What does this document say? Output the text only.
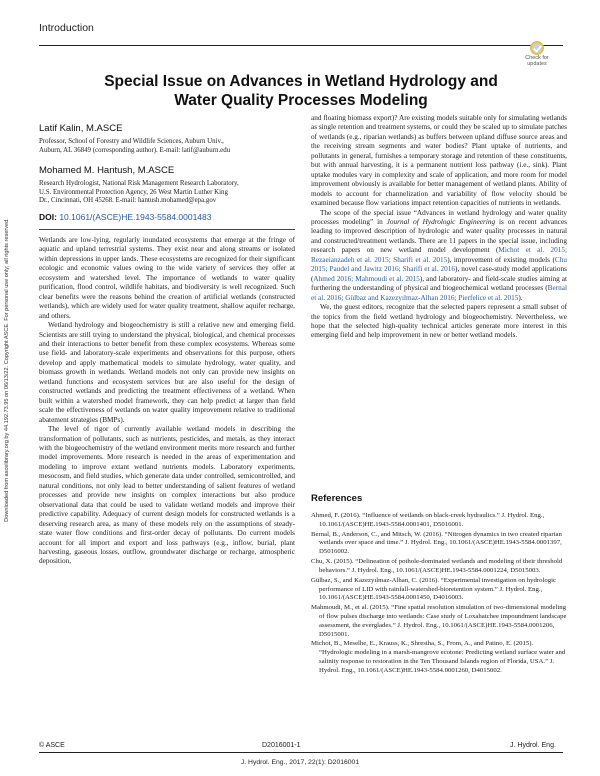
Introduction
Check for
updates
Special Issue on Advances in Wetland Hydrology and
Water Quality Processes Modeling
Downloaded from ascelibrary.org by 44.192.73.95 on 06/13/22. Copyright ASCE. For personal use only; all rights reserved.
Latif Kalin, M.ASCE
Professor, School of Forestry and Wildlife Sciences, Auburn Univ.,
Auburn, AL 36849 (corresponding author). E-mail: latif@auburn.edu
Mohamed M. Hantush, M.ASCE
Research Hydrologist, National Risk Management Research Laboratory,
U.S. Environmental Protection Agency, 26 West Martin Luther King
Dr., Cincinnati, OH 45268. E-mail: hantush.mohamed@epa.gov
DOI: 10.1061/(ASCE)HE.1943-5584.0001483

Wetlands are low-lying, regularly inundated ecosystems that emerge at the fringe of aquatic and upland terrestrial systems. They exist near and along streams or isolated within depressions in upper lands. These ecosystems are recognized for their significant ecologic and economic values owing to the wide variety of services they offer at ecosystem and watershed level. The importance of wetlands to water quality purification, flood control, wildlife habitats, and biodiversity is well recognized. Such clear benefits were the reasons behind the creation of artificial wetlands (constructed wetlands), which are widely used for water quality treatment, shallow aquifer recharge, and others.

Wetland hydrology and biogeochemistry is still a relative new and emerging field. Scientists are still trying to understand the physical, biological, and chemical processes and their interactions to better benefit from these complex ecosystems. Whereas some use field- and laboratory-scale experiments and observations for this purpose, others develop and apply mathematical models to simulate hydrology, water quality, and biomass growth in wetlands. Wetland models not only can provide new insights on wetland functions and ecosystem services but are also useful for the design of constructed wetlands and predicting the treatment effectiveness of a wetland. When built within a watershed model framework, they can help predict at larger than field scale the effectiveness of wetlands on water quality improvement relative to traditional abatement strategies (BMPs).

The level of rigor of currently available wetland models in describing the transformation of pollutants, such as nutrients, pesticides, and metals, as they interact with the biogeochemistry of the wetland environment merits more research and further model improvements. More research is needed in the areas of experimentation and modeling to improve extant wetland nutrients models. Laboratory experiments, mesocosm, and field studies, which generate data under controlled, semicontrolled, and natural conditions, not only lead to better understanding of salient features of wetland processes and provide new insights on complex interactions but also produce observational data that could be used to validate wetland models and improve their predictive capability. Adequacy of current design models for constructed wetlands is a deserving research area, as many of these models rely on the assumptions of steady-state water flow conditions and first-order decay of pollutants. Do current models account for all import and export and loss pathways (e.g., inflow, burial, plant harvesting, gaseous losses, outflow, groundwater discharge or recharge, atmospheric deposition,

and floating biomass export)? Are existing models suitable only for simulating wetlands as single retention and treatment systems, or could they be scaled up to simulate patches of wetlands (e.g., riparian wetlands) as buffers between upland diffuse source areas and the receiving stream segments and water bodies? Plant uptake of nutrients, and pollutants in general, furnishes a temporary storage and retention of these constituents, but with annual harvesting, it is a permanent nutrient loss pathway (i.e., sink). Plant uptake modules vary in complexity and scale of application, and more room for model improvement obviously is available for better management of wetland plants. Ability of models to account for channelization and variability of flow velocity should be examined because flow variations impact retention capacities of nutrients in wetlands.

The scope of the special issue “Advances in wetland hydrology and water quality processes modeling” in Journal of Hydrologic Engineering is on recent advances leading to improved description of hydrologic and water quality processes in natural and constructed/treatment wetlands. There are 11 papers in the special issue, including research papers on new wetland model development (Michot et al. 2015; Rezaeianzadeh et al. 2015; Sharifi et al. 2015), improvement of existing models (Chu 2015; Paudel and Jawitz 2016; Sharifi et al. 2016), novel case-study model applications (Ahmed 2016; Mahmoudi et al. 2015), and laboratory- and field-scale studies aiming at furthering the understanding of physical and biogeochemical wetland processes (Bernal et al. 2016; Gülbaz and Kazezyılmaz-Alhan 2016; Pierfelice et al. 2015).

We, the guest editors, recognize that the selected papers represent a small subset of the topics from the field wetland hydrology and biogeochemistry. Nevertheless, we hope that the selected high-quality technical articles generate more interest in this emerging field and help improvement in new or better wetland models.

References
Ahmed, F. (2016). “Influence of wetlands on black-creek hydraulics.” J. Hydrol. Eng., 10.1061/(ASCE)HE.1943-5584.0001401, D5016001.
Bernal, B., Anderson, C., and Mitsch, W. (2016). “Nitrogen dynamics in two created riparian wetlands over space and time.” J. Hydrol. Eng., 10.1061/(ASCE)HE.1943-5584.0001397, D5016002.
Chu, X. (2015). “Delineation of pothole-dominated wetlands and modeling of their threshold behaviors.” J. Hydrol. Eng., 10.1061/(ASCE)HE.1943-5584.0001224, D5015003.
Gülbaz, S., and Kazezyılmaz-Alhan, C. (2016). “Experimental investigation on hydrologic performance of LID with rainfall-watershed-bioretention system.” J. Hydrol. Eng., 10.1061/(ASCE)HE.1943-5584.0001450, D4016003.
Mahmoudi, M., et al. (2015). “Fine spatial resolution simulation of two-dimensional modeling of flow pulses discharge into wetlands: Case study of Loxahatchee impoundment landscape assessment, the everglades.” J. Hydrol. Eng., 10.1061/(ASCE)HE.1943-5584.0001206, D5015001.
Michot, B., Meselhe, E., Krauss, K., Shrestha, S., From, A., and Patino, E. (2015). “Hydrologic modeling in a marsh-mangrove ecotone: Predicting wetland surface water and salinity response to restoration in the Ten Thousand Islands region of Florida, USA.” J. Hydrol. Eng., 10.1061/(ASCE)HE.1943-5584.0001260, D4015002.
© ASCE	D2016001-1	J. Hydrol. Eng.
J. Hydrol. Eng., 2017, 22(1): D2016001
